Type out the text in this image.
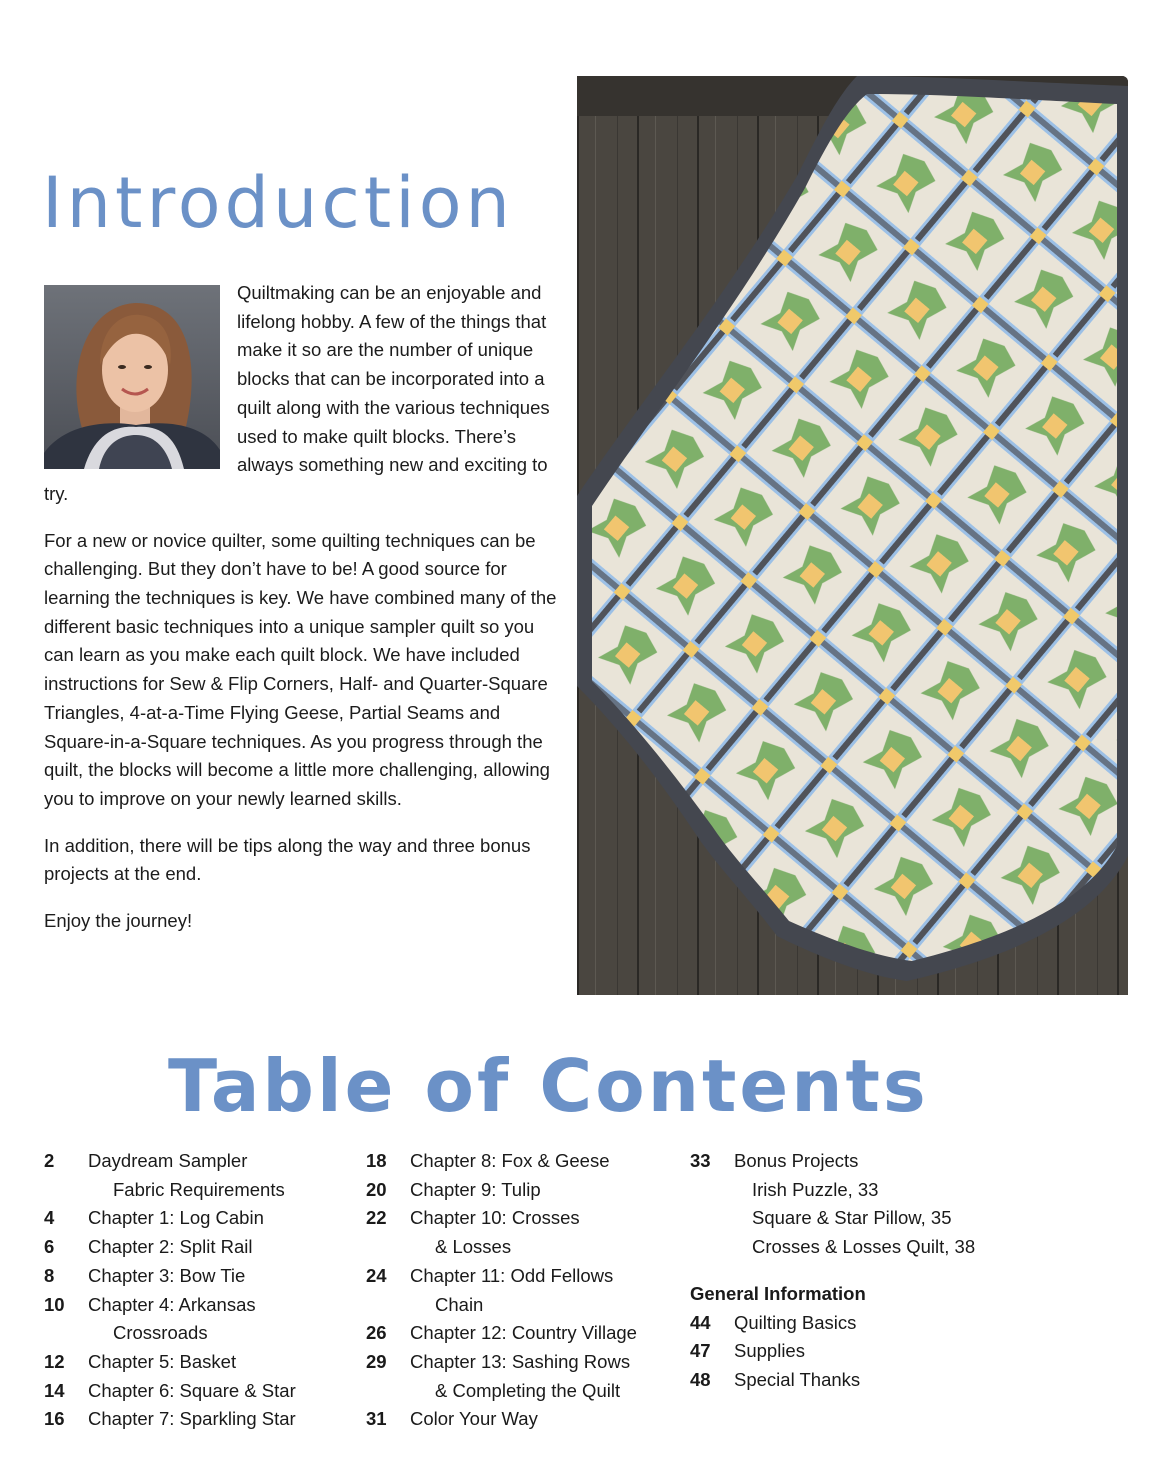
Introduction

Quiltmaking can be an enjoyable and lifelong hobby. A few of the things that make it so are the number of unique blocks that can be incorporated into a quilt along with the various techniques used to make quilt blocks. There’s always something new and exciting to try.

For a new or novice quilter, some quilting techniques can be challenging. But they don’t have to be! A good source for learning the techniques is key. We have combined many of the different basic techniques into a unique sampler quilt so you can learn as you make each quilt block. We have included instructions for Sew & Flip Corners, Half- and Quarter-Square Triangles, 4-at-a-Time Flying Geese, Partial Seams and Square-in-a-Square techniques. As you progress through the quilt, the blocks will become a little more challenging, allowing you to improve on your newly learned skills.

In addition, there will be tips along the way and three bonus projects at the end.

Enjoy the journey!

Table of Contents
2	Daydream Sampler
Fabric Requirements
4	Chapter 1: Log Cabin
6	Chapter 2: Split Rail
8	Chapter 3: Bow Tie
10	Chapter 4: Arkansas
Crossroads
12	Chapter 5: Basket
14	Chapter 6: Square & Star
16	Chapter 7: Sparkling Star
18	Chapter 8: Fox & Geese
20	Chapter 9: Tulip
22	Chapter 10: Crosses
& Losses
24	Chapter 11: Odd Fellows
Chain
26	Chapter 12: Country Village
29	Chapter 13: Sashing Rows
& Completing the Quilt
31	Color Your Way
33	Bonus Projects
Irish Puzzle, 33
Square & Star Pillow, 35
Crosses & Losses Quilt, 38
General Information
44	Quilting Basics
47	Supplies
48	Special Thanks
